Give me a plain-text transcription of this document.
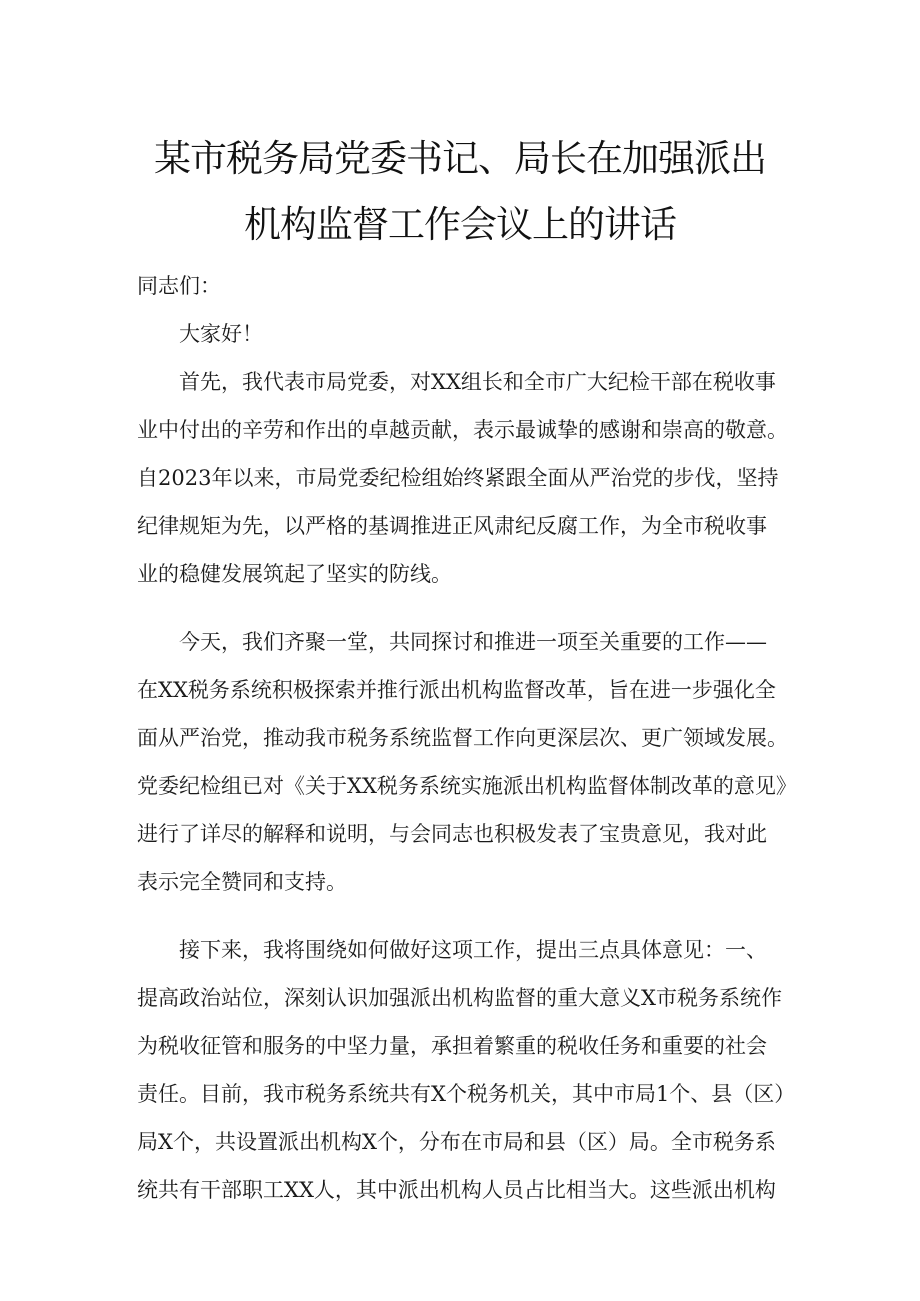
某市税务局党委书记、局长在加强派出
机构监督工作会议上的讲话
同志们：
大家好！
首先，我代表市局党委，对XX组长和全市广大纪检干部在税收事
业中付出的辛劳和作出的卓越贡献，表示最诚挚的感谢和崇高的敬意。
自2023年以来，市局党委纪检组始终紧跟全面从严治党的步伐，坚持
纪律规矩为先，以严格的基调推进正风肃纪反腐工作，为全市税收事
业的稳健发展筑起了坚实的防线。
今天，我们齐聚一堂，共同探讨和推进一项至关重要的工作——
在XX税务系统积极探索并推行派出机构监督改革，旨在进一步强化全
面从严治党，推动我市税务系统监督工作向更深层次、更广领域发展。
党委纪检组已对《关于XX税务系统实施派出机构监督体制改革的意见》
进行了详尽的解释和说明，与会同志也积极发表了宝贵意见，我对此
表示完全赞同和支持。
接下来，我将围绕如何做好这项工作，提出三点具体意见：一、
提高政治站位，深刻认识加强派出机构监督的重大意义X市税务系统作
为税收征管和服务的中坚力量，承担着繁重的税收任务和重要的社会
责任。目前，我市税务系统共有X个税务机关，其中市局1个、县（区）
局X个，共设置派出机构X个，分布在市局和县（区）局。全市税务系
统共有干部职工XX人，其中派出机构人员占比相当大。这些派出机构
